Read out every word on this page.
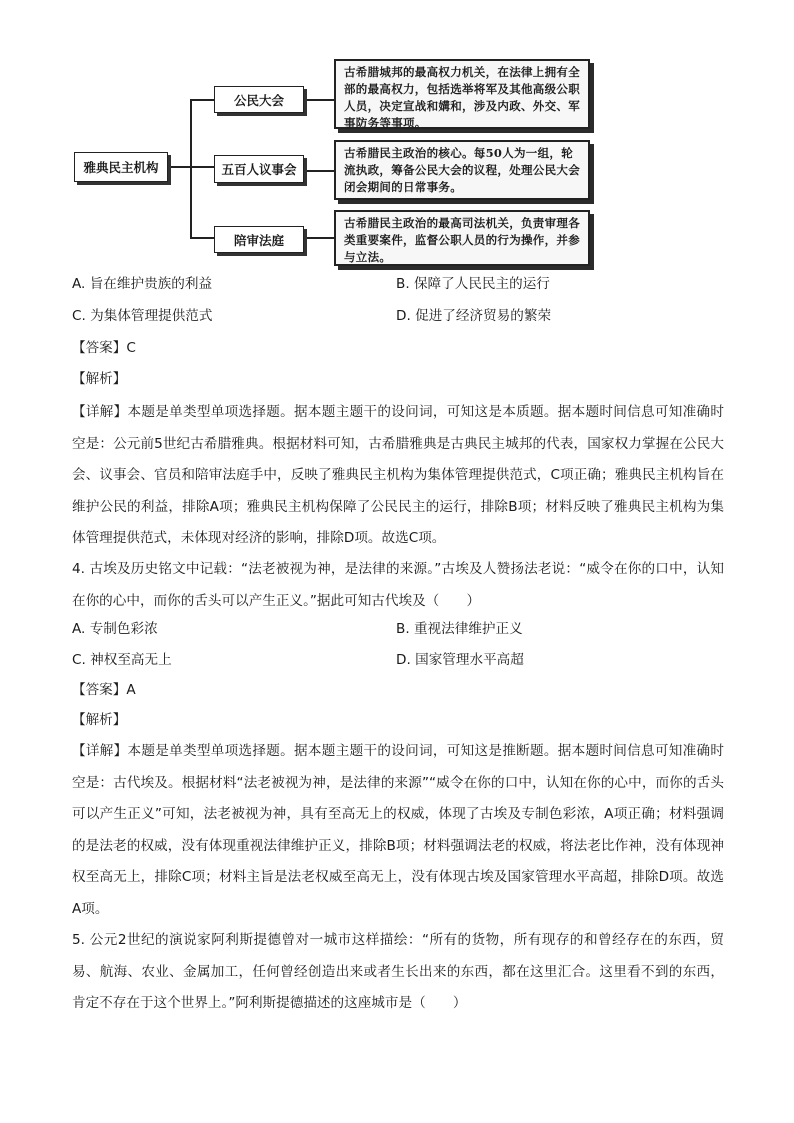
雅典民主机构
公民大会
五百人议事会
陪审法庭
古希腊城邦的最高权力机关，在法律上拥有全部的最高权力，包括选举将军及其他高级公职人员，决定宣战和媾和，涉及内政、外交、军事防务等事项。
古希腊民主政治的核心。每50人为一组，轮流执政，筹备公民大会的议程，处理公民大会闭会期间的日常事务。
古希腊民主政治的最高司法机关，负责审理各类重要案件，监督公职人员的行为操作，并参与立法。
A. 旨在维护贵族的利益	B. 保障了人民民主的运行
C. 为集体管理提供范式	D. 促进了经济贸易的繁荣
【答案】C
【解析】
【详解】本题是单类型单项选择题。据本题主题干的设问词，可知这是本质题。据本题时间信息可知准确时空是：公元前5世纪古希腊雅典。根据材料可知，古希腊雅典是古典民主城邦的代表，国家权力掌握在公民大会、议事会、官员和陪审法庭手中，反映了雅典民主机构为集体管理提供范式，C项正确；雅典民主机构旨在维护公民的利益，排除A项；雅典民主机构保障了公民民主的运行，排除B项；材料反映了雅典民主机构为集体管理提供范式，未体现对经济的影响，排除D项。故选C项。
4. 古埃及历史铭文中记载：“法老被视为神，是法律的来源。”古埃及人赞扬法老说：“威令在你的口中，认知在你的心中，而你的舌头可以产生正义。”据此可知古代埃及（　　）
A. 专制色彩浓	B. 重视法律维护正义
C. 神权至高无上	D. 国家管理水平高超
【答案】A
【解析】
【详解】本题是单类型单项选择题。据本题主题干的设问词，可知这是推断题。据本题时间信息可知准确时空是：古代埃及。根据材料“法老被视为神，是法律的来源”“威令在你的口中，认知在你的心中，而你的舌头可以产生正义”可知，法老被视为神，具有至高无上的权威，体现了古埃及专制色彩浓，A项正确；材料强调的是法老的权威，没有体现重视法律维护正义，排除B项；材料强调法老的权威，将法老比作神，没有体现神权至高无上，排除C项；材料主旨是法老权威至高无上，没有体现古埃及国家管理水平高超，排除D项。故选A项。
5. 公元2世纪的演说家阿利斯提德曾对一城市这样描绘：“所有的货物，所有现存的和曾经存在的东西，贸易、航海、农业、金属加工，任何曾经创造出来或者生长出来的东西，都在这里汇合。这里看不到的东西，肯定不存在于这个世界上。”阿利斯提德描述的这座城市是（　　）
